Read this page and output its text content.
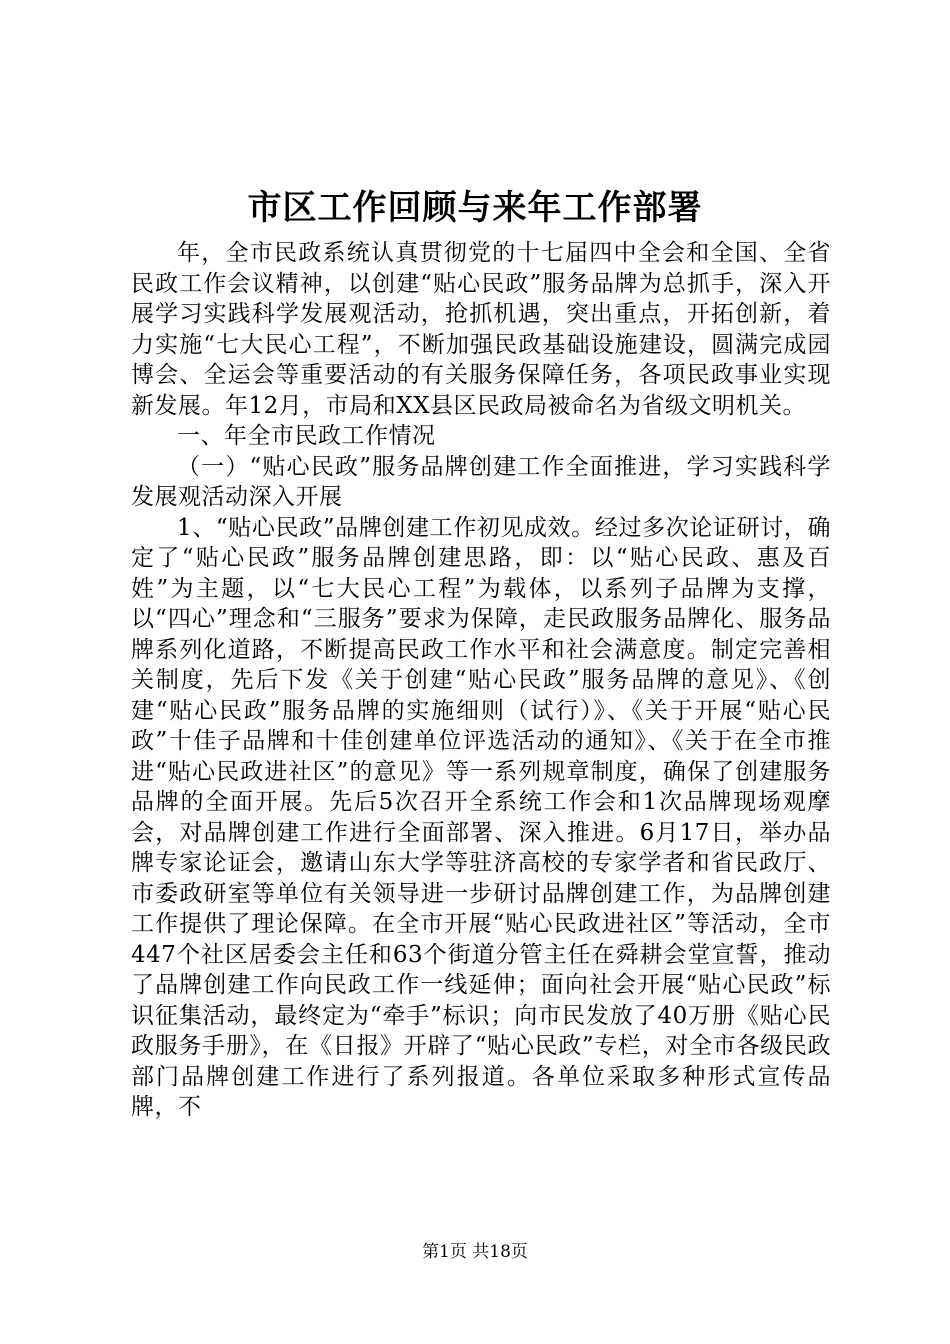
市区工作回顾与来年工作部署

年，全市民政系统认真贯彻党的十七届四中全会和全国、全省民政工作会议精神，以创建“贴心民政”服务品牌为总抓手，深入开展学习实践科学发展观活动，抢抓机遇，突出重点，开拓创新，着力实施“七大民心工程”，不断加强民政基础设施建设，圆满完成园博会、全运会等重要活动的有关服务保障任务，各项民政事业实现新发展。年12月，市局和XX县区民政局被命名为省级文明机关。

一、年全市民政工作情况

（一）“贴心民政”服务品牌创建工作全面推进，学习实践科学发展观活动深入开展

1、“贴心民政”品牌创建工作初见成效。经过多次论证研讨，确定了“贴心民政”服务品牌创建思路，即：以“贴心民政、惠及百姓”为主题，以“七大民心工程”为载体，以系列子品牌为支撑，以“四心”理念和“三服务”要求为保障，走民政服务品牌化、服务品牌系列化道路，不断提高民政工作水平和社会满意度。制定完善相关制度，先后下发《关于创建“贴心民政”服务品牌的意见》、《创建“贴心民政”服务品牌的实施细则（试行）》、《关于开展“贴心民政”十佳子品牌和十佳创建单位评选活动的通知》、《关于在全市推进“贴心民政进社区”的意见》等一系列规章制度，确保了创建服务品牌的全面开展。先后5次召开全系统工作会和1次品牌现场观摩会，对品牌创建工作进行全面部署、深入推进。6月17日，举办品牌专家论证会，邀请山东大学等驻济高校的专家学者和省民政厅、市委政研室等单位有关领导进一步研讨品牌创建工作，为品牌创建工作提供了理论保障。在全市开展“贴心民政进社区”等活动，全市447个社区居委会主任和63个街道分管主任在舜耕会堂宣誓，推动了品牌创建工作向民政工作一线延伸；面向社会开展“贴心民政”标识征集活动，最终定为“牵手”标识；向市民发放了40万册《贴心民政服务手册》，在《日报》开辟了“贴心民政”专栏，对全市各级民政部门品牌创建工作进行了系列报道。各单位采取多种形式宣传品牌，不

第1页 共18页
